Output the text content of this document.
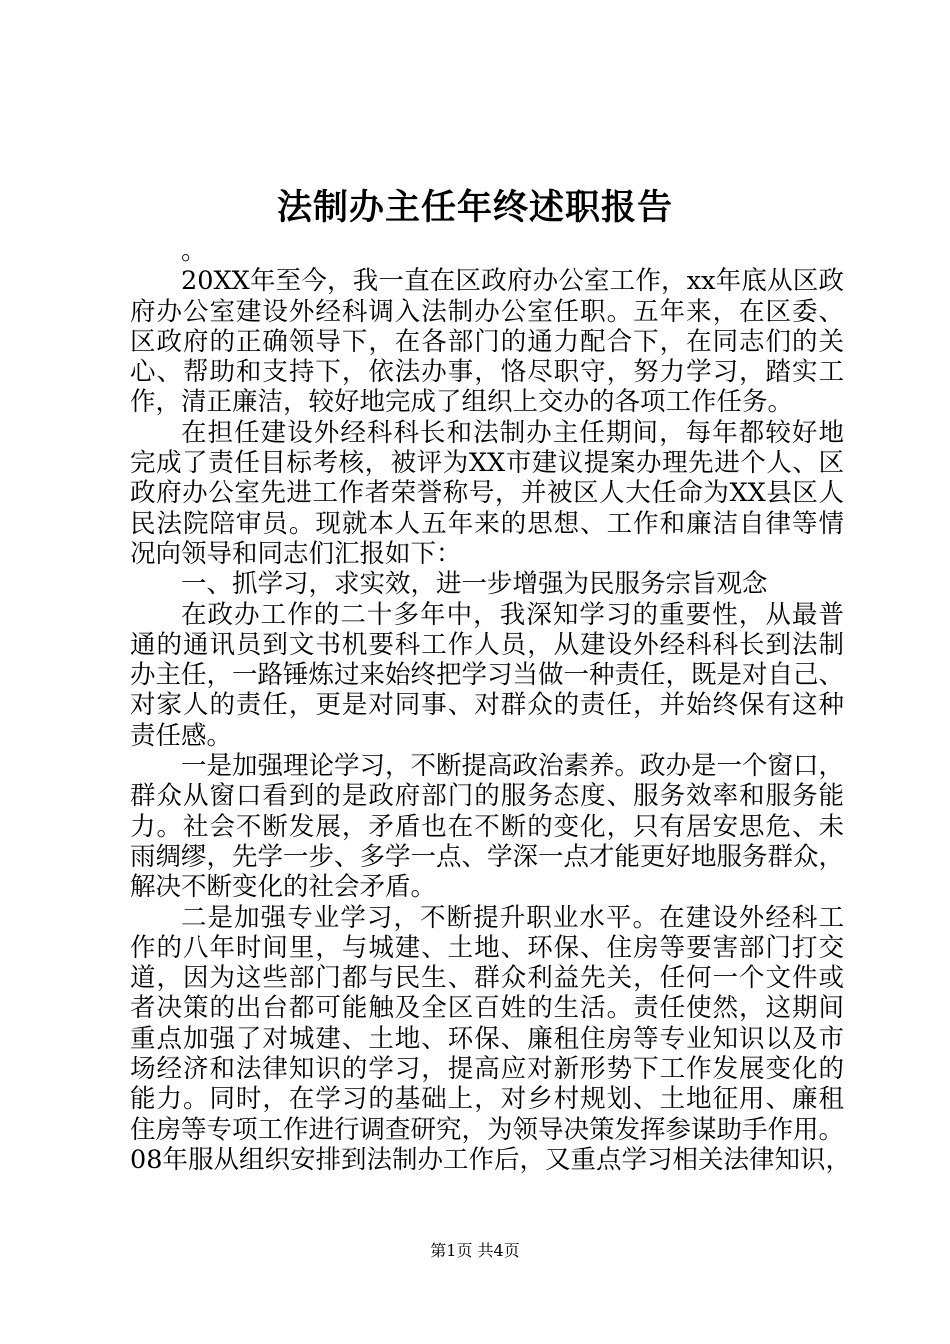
法制办主任年终述职报告
。
20XX年至今，我一直在区政府办公室工作，xx年底从区政
府办公室建设外经科调入法制办公室任职。五年来，在区委、
区政府的正确领导下，在各部门的通力配合下，在同志们的关
心、帮助和支持下，依法办事，恪尽职守，努力学习，踏实工
作，清正廉洁，较好地完成了组织上交办的各项工作任务。
在担任建设外经科科长和法制办主任期间，每年都较好地
完成了责任目标考核，被评为XX市建议提案办理先进个人、区
政府办公室先进工作者荣誉称号，并被区人大任命为XX县区人
民法院陪审员。现就本人五年来的思想、工作和廉洁自律等情
况向领导和同志们汇报如下：
一、抓学习，求实效，进一步增强为民服务宗旨观念
在政办工作的二十多年中，我深知学习的重要性，从最普
通的通讯员到文书机要科工作人员，从建设外经科科长到法制
办主任，一路锤炼过来始终把学习当做一种责任，既是对自己、
对家人的责任，更是对同事、对群众的责任，并始终保有这种
责任感。
一是加强理论学习，不断提高政治素养。政办是一个窗口，
群众从窗口看到的是政府部门的服务态度、服务效率和服务能
力。社会不断发展，矛盾也在不断的变化，只有居安思危、未
雨绸缪，先学一步、多学一点、学深一点才能更好地服务群众，
解决不断变化的社会矛盾。
二是加强专业学习，不断提升职业水平。在建设外经科工
作的八年时间里，与城建、土地、环保、住房等要害部门打交
道，因为这些部门都与民生、群众利益先关，任何一个文件或
者决策的出台都可能触及全区百姓的生活。责任使然，这期间
重点加强了对城建、土地、环保、廉租住房等专业知识以及市
场经济和法律知识的学习，提高应对新形势下工作发展变化的
能力。同时，在学习的基础上，对乡村规划、土地征用、廉租
住房等专项工作进行调查研究，为领导决策发挥参谋助手作用。
08年服从组织安排到法制办工作后，又重点学习相关法律知识，
第1页 共4页
